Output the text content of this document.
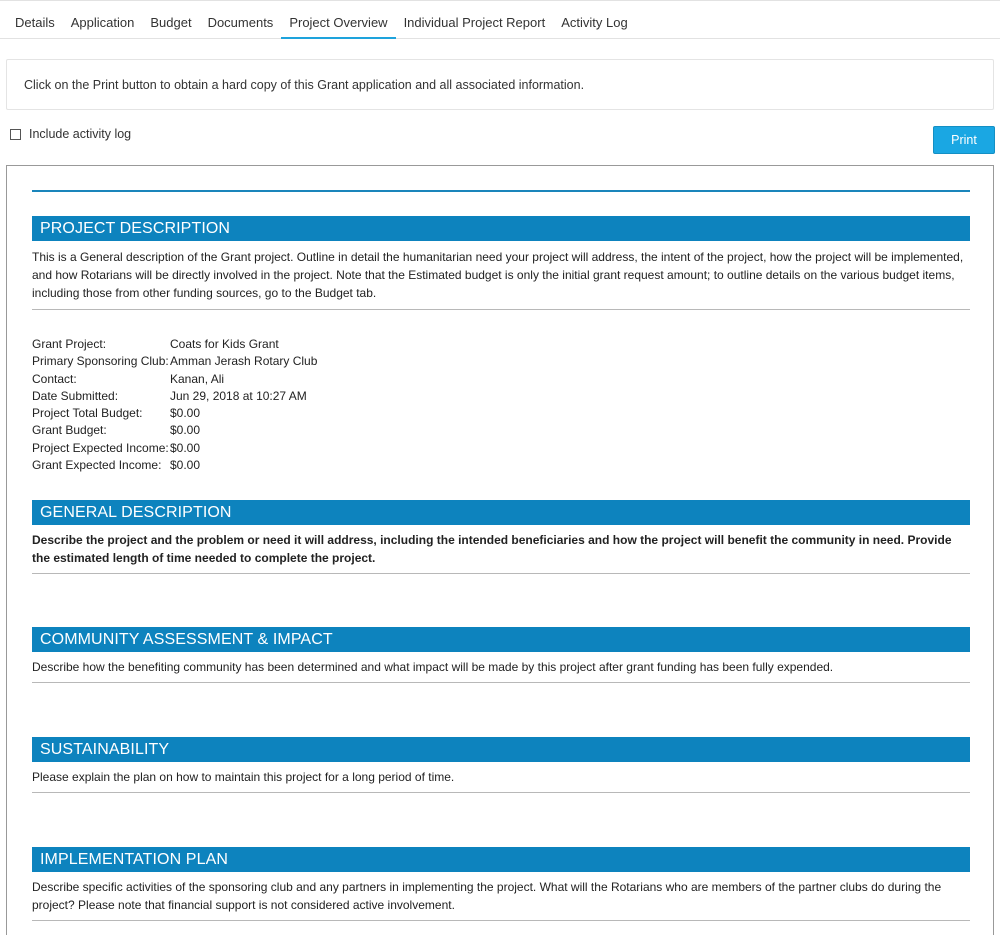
Details	Application	Budget	Documents	Project Overview	Individual Project Report	Activity Log
Click on the Print button to obtain a hard copy of this Grant application and all associated information.
Include activity log	Print
PROJECT DESCRIPTION
This is a General description of the Grant project. Outline in detail the humanitarian need your project will address, the intent of the project, how the project will be implemented, and how Rotarians will be directly involved in the project. Note that the Estimated budget is only the initial grant request amount; to outline details on the various budget items, including those from other funding sources, go to the Budget tab.
Grant Project:	Coats for Kids Grant
Primary Sponsoring Club: Amman Jerash Rotary Club
Contact:	Kanan, Ali
Date Submitted:	Jun 29, 2018 at 10:27 AM
Project Total Budget:	$0.00
Grant Budget:	$0.00
Project Expected Income: $0.00
Grant Expected Income: $0.00
GENERAL DESCRIPTION
Describe the project and the problem or need it will address, including the intended beneficiaries and how the project will benefit the community in need. Provide the estimated length of time needed to complete the project.
COMMUNITY ASSESSMENT & IMPACT
Describe how the benefiting community has been determined and what impact will be made by this project after grant funding has been fully expended.
SUSTAINABILITY
Please explain the plan on how to maintain this project for a long period of time.
IMPLEMENTATION PLAN
Describe specific activities of the sponsoring club and any partners in implementing the project. What will the Rotarians who are members of the partner clubs do during the project? Please note that financial support is not considered active involvement.
